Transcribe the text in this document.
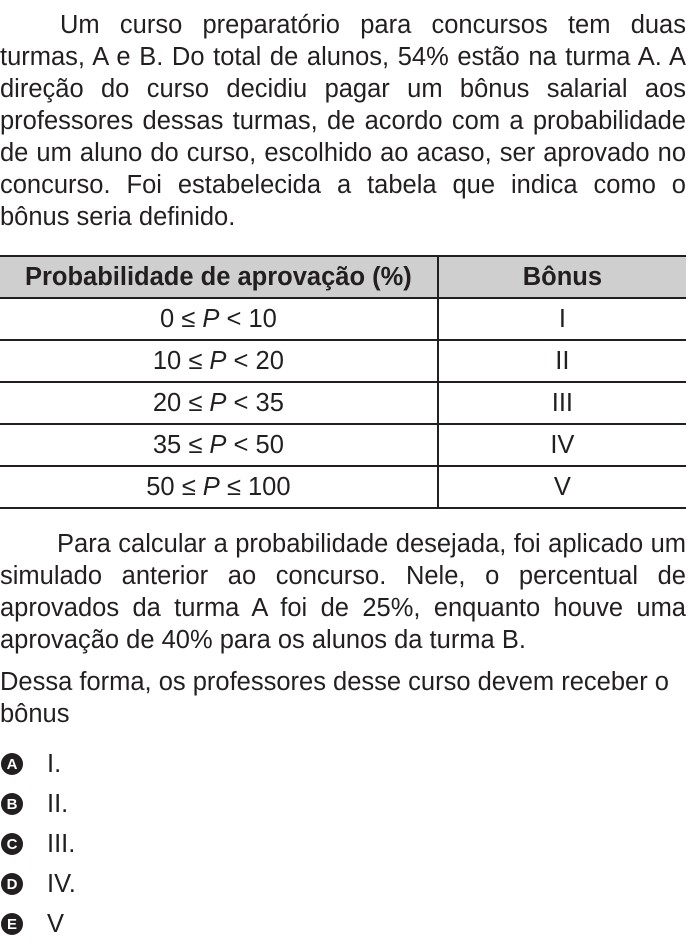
Um curso preparatório para concursos tem duas turmas, A e B. Do total de alunos, 54% estão na turma A. A direção do curso decidiu pagar um bônus salarial aos professores dessas turmas, de acordo com a probabilidade de um aluno do curso, escolhido ao acaso, ser aprovado no concurso. Foi estabelecida a tabela que indica como o bônus seria definido.

Probabilidade de aprovação (%)	Bônus
0 ≤ P < 10	I
10 ≤ P < 20	II
20 ≤ P < 35	III
35 ≤ P < 50	IV
50 ≤ P ≤ 100	V

Para calcular a probabilidade desejada, foi aplicado um simulado anterior ao concurso. Nele, o percentual de aprovados da turma A foi de 25%, enquanto houve uma aprovação de 40% para os alunos da turma B.

Dessa forma, os professores desse curso devem receber o bônus

A I.
B II.
C III.
D IV.
E V
